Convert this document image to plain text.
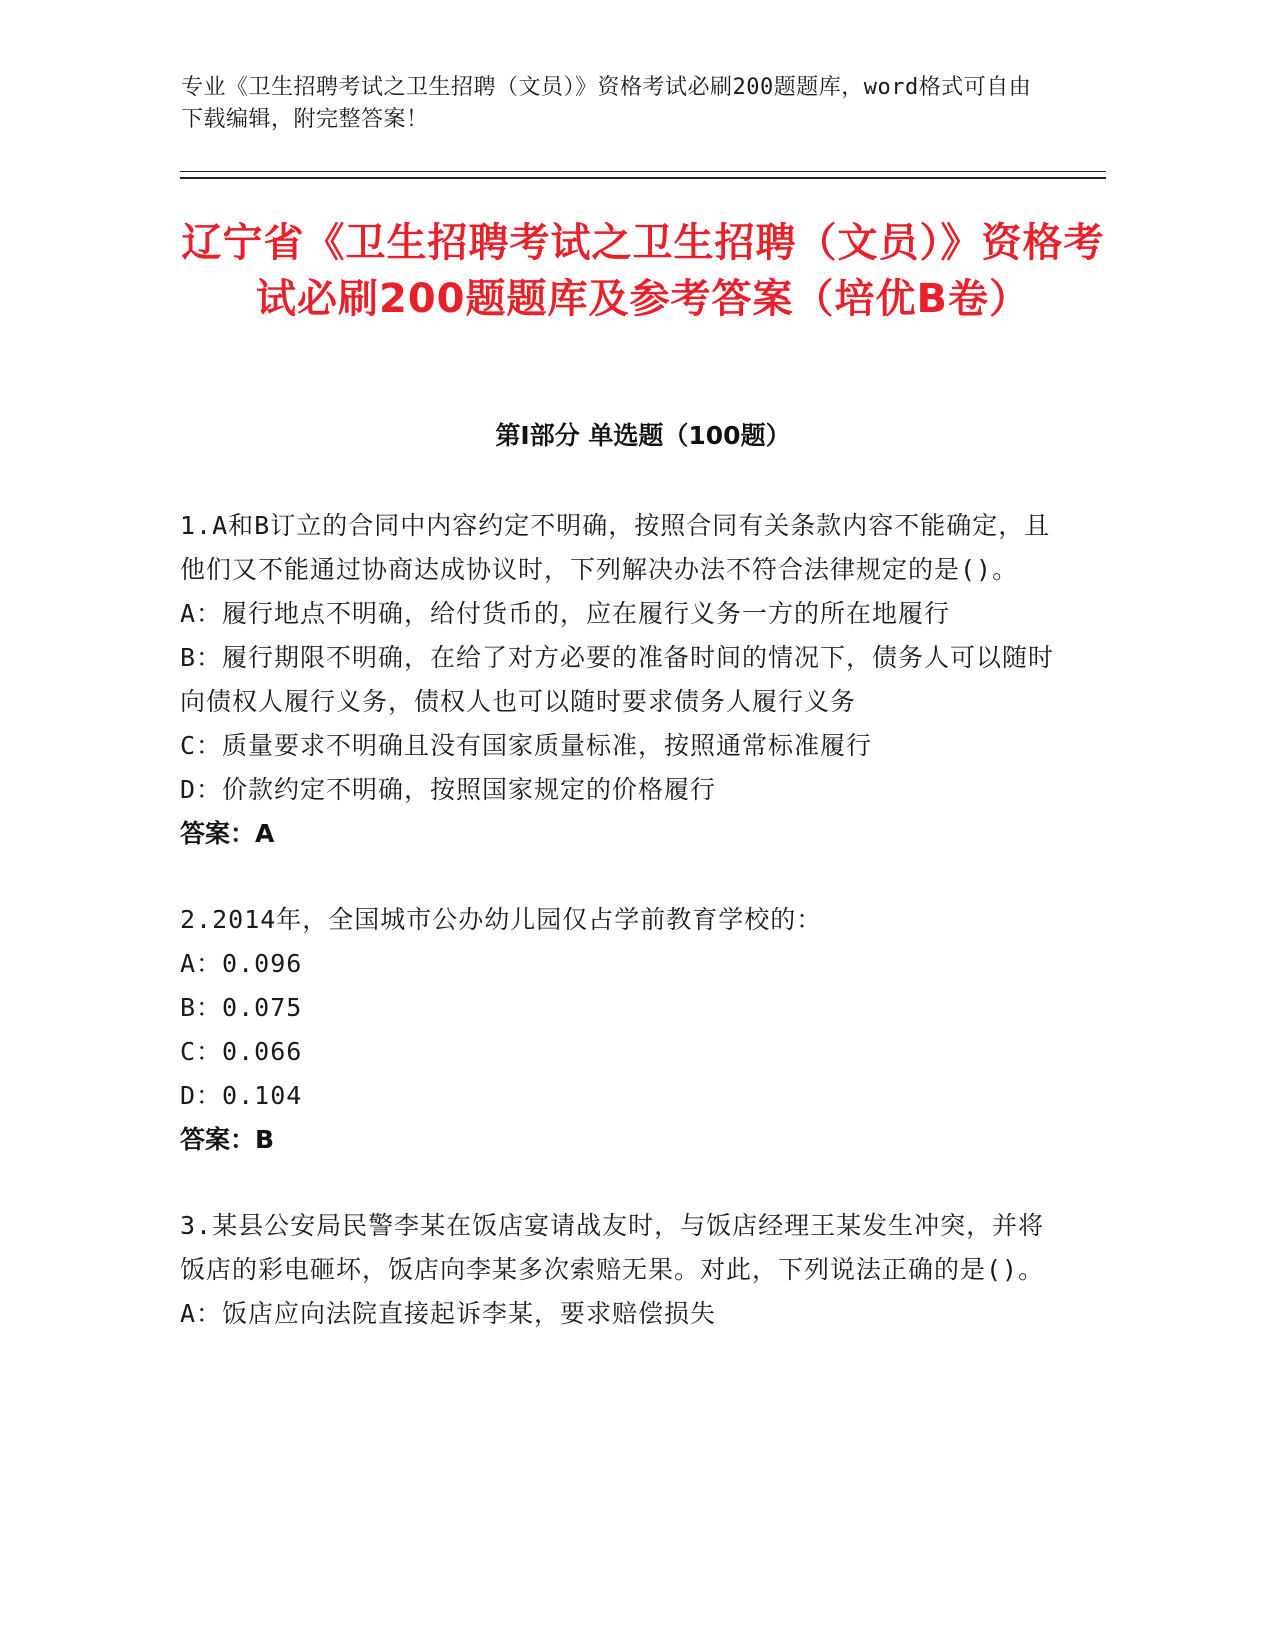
专业《卫生招聘考试之卫生招聘（文员）》资格考试必刷200题题库，word格式可自由下载编辑，附完整答案！
辽宁省《卫生招聘考试之卫生招聘（文员）》资格考试必刷200题题库及参考答案（培优B卷）
第Ⅰ部分 单选题（100题）
1.A和B订立的合同中内容约定不明确，按照合同有关条款内容不能确定，且他们又不能通过协商达成协议时，下列解决办法不符合法律规定的是()。
A：履行地点不明确，给付货币的，应在履行义务一方的所在地履行
B：履行期限不明确，在给了对方必要的准备时间的情况下，债务人可以随时向债权人履行义务，债权人也可以随时要求债务人履行义务
C：质量要求不明确且没有国家质量标准，按照通常标准履行
D：价款约定不明确，按照国家规定的价格履行
答案：A
2.2014年，全国城市公办幼儿园仅占学前教育学校的：
A：0.096
B：0.075
C：0.066
D：0.104
答案：B
3.某县公安局民警李某在饭店宴请战友时，与饭店经理王某发生冲突，并将饭店的彩电砸坏，饭店向李某多次索赔无果。对此，下列说法正确的是()。
A：饭店应向法院直接起诉李某，要求赔偿损失
